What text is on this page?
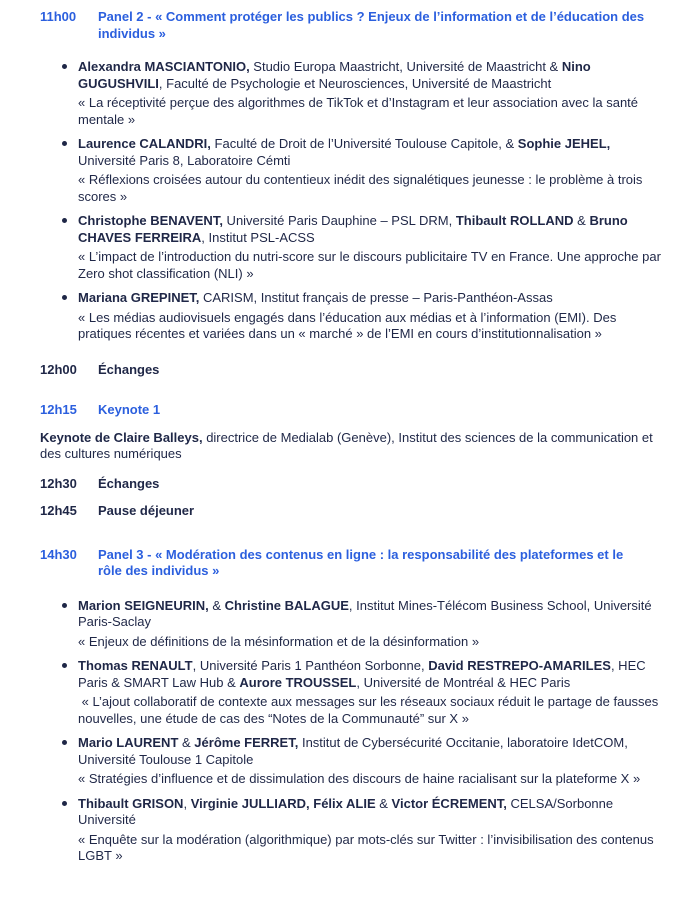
11h00	Panel 2 - « Comment protéger les publics ? Enjeux de l’information et de l’éducation des individus »

Alexandra MASCIANTONIO, Studio Europa Maastricht, Université de Maastricht & Nino GUGUSHVILI, Faculté de Psychologie et Neurosciences, Université de Maastricht

« La réceptivité perçue des algorithmes de TikTok et d’Instagram et leur association avec la santé mentale »

Laurence CALANDRI, Faculté de Droit de l’Université Toulouse Capitole, & Sophie JEHEL, Université Paris 8, Laboratoire Cémti

« Réflexions croisées autour du contentieux inédit des signalétiques jeunesse : le problème à trois scores »

Christophe BENAVENT, Université Paris Dauphine – PSL DRM, Thibault ROLLAND & Bruno CHAVES FERREIRA, Institut PSL-ACSS

« L’impact de l’introduction du nutri-score sur le discours publicitaire TV en France. Une approche par Zero shot classification (NLI) »

Mariana GREPINET, CARISM, Institut français de presse – Paris-Panthéon-Assas

« Les médias audiovisuels engagés dans l’éducation aux médias et à l’information (EMI). Des pratiques récentes et variées dans un « marché » de l’EMI en cours d’institutionnalisation »

12h00	Échanges
12h15	Keynote 1

Keynote de Claire Balleys, directrice de Medialab (Genève), Institut des sciences de la communication et des cultures numériques

12h30	Échanges
12h45	Pause déjeuner
14h30	Panel 3 - « Modération des contenus en ligne : la responsabilité des plateformes et le rôle des individus »

Marion SEIGNEURIN, & Christine BALAGUE, Institut Mines-Télécom Business School, Université Paris-Saclay

« Enjeux de définitions de la mésinformation et de la désinformation »

Thomas RENAULT, Université Paris 1 Panthéon Sorbonne, David RESTREPO-AMARILES, HEC Paris & SMART Law Hub & Aurore TROUSSEL, Université de Montréal & HEC Paris

« L’ajout collaboratif de contexte aux messages sur les réseaux sociaux réduit le partage de fausses nouvelles, une étude de cas des “Notes de la Communauté” sur X »

Mario LAURENT & Jérôme FERRET, Institut de Cybersécurité Occitanie, laboratoire IdetCOM, Université Toulouse 1 Capitole

« Stratégies d’influence et de dissimulation des discours de haine racialisant sur la plateforme X »

Thibault GRISON, Virginie JULLIARD, Félix ALIE & Victor ÉCREMENT, CELSA/Sorbonne Université

« Enquête sur la modération (algorithmique) par mots-clés sur Twitter : l’invisibilisation des contenus LGBT »
